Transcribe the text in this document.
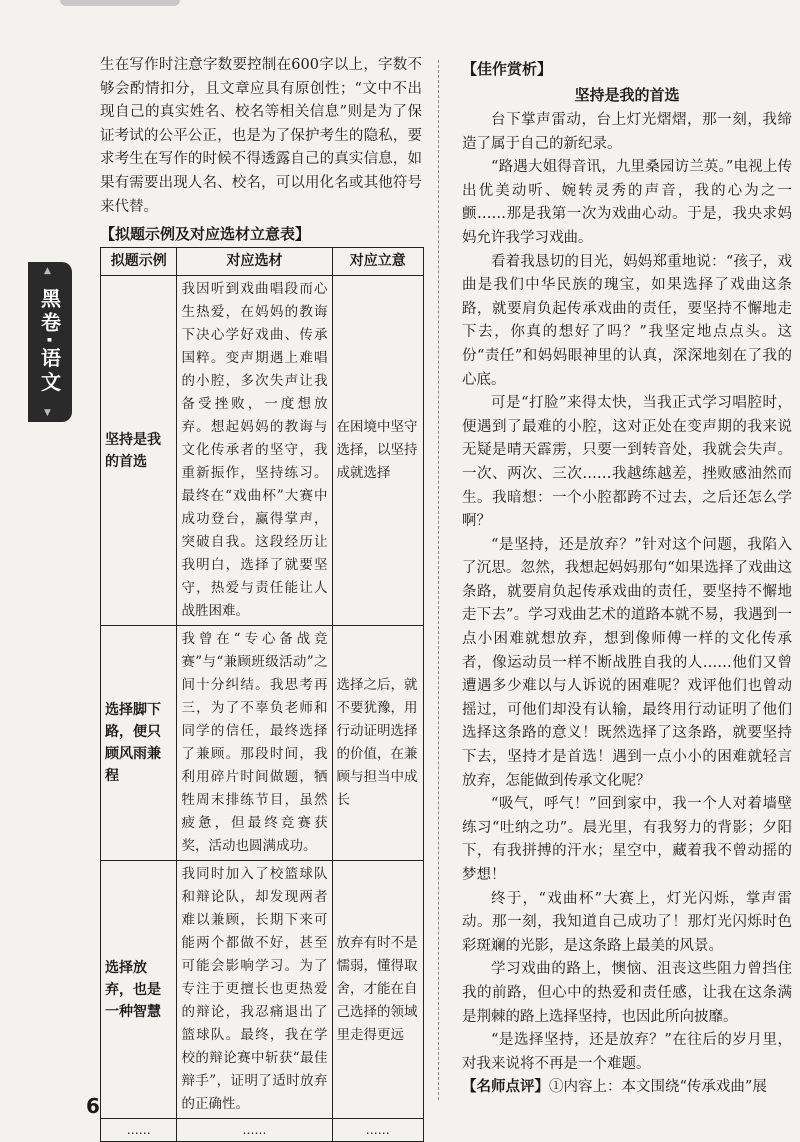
▲
黑卷·语文
▼

生在写作时注意字数要控制在600字以上，字数不够会酌情扣分，且文章应具有原创性；“文中不出现自己的真实姓名、校名等相关信息”则是为了保证考试的公平公正，也是为了保护考生的隐私，要求考生在写作的时候不得透露自己的真实信息，如果有需要出现人名、校名，可以用化名或其他符号来代替。

【拟题示例及对应选材立意表】
拟题示例	对应选材	对应立意
坚持是我的首选	我因听到戏曲唱段而心生热爱，在妈妈的教诲下决心学好戏曲、传承国粹。变声期遇上难唱的小腔，多次失声让我备受挫败，一度想放弃。想起妈妈的教诲与文化传承者的坚守，我重新振作，坚持练习。最终在“戏曲杯”大赛中成功登台，赢得掌声，突破自我。这段经历让我明白，选择了就要坚守，热爱与责任能让人战胜困难。	在困境中坚守选择，以坚持成就选择
选择脚下路，便只顾风雨兼程	我曾在“专心备战竞赛”与“兼顾班级活动”之间十分纠结。我思考再三，为了不辜负老师和同学的信任，最终选择了兼顾。那段时间，我利用碎片时间做题，牺牲周末排练节目，虽然疲惫，但最终竞赛获奖，活动也圆满成功。	选择之后，就不要犹豫，用行动证明选择的价值，在兼顾与担当中成长
选择放弃，也是一种智慧	我同时加入了校篮球队和辩论队，却发现两者难以兼顾，长期下来可能两个都做不好，甚至可能会影响学习。为了专注于更擅长也更热爱的辩论，我忍痛退出了篮球队。最终，我在学校的辩论赛中斩获“最佳辩手”，证明了适时放弃的正确性。	放弃有时不是懦弱，懂得取舍，才能在自己选择的领域里走得更远
……	……	……
【佳作赏析】
坚持是我的首选

台下掌声雷动，台上灯光熠熠，那一刻，我缔造了属于自己的新纪录。

“路遇大姐得音讯，九里桑园访兰英。”电视上传出优美动听、婉转灵秀的声音，我的心为之一颤……那是我第一次为戏曲心动。于是，我央求妈妈允许我学习戏曲。

看着我恳切的目光，妈妈郑重地说：“孩子，戏曲是我们中华民族的瑰宝，如果选择了戏曲这条路，就要肩负起传承戏曲的责任，要坚持不懈地走下去，你真的想好了吗？”我坚定地点点头。这份“责任”和妈妈眼神里的认真，深深地刻在了我的心底。

可是“打脸”来得太快，当我正式学习唱腔时，便遇到了最难的小腔，这对正处在变声期的我来说无疑是晴天霹雳，只要一到转音处，我就会失声。一次、两次、三次……我越练越差，挫败感油然而生。我暗想：一个小腔都跨不过去，之后还怎么学啊？

“是坚持，还是放弃？”针对这个问题，我陷入了沉思。忽然，我想起妈妈那句“如果选择了戏曲这条路，就要肩负起传承戏曲的责任，要坚持不懈地走下去”。学习戏曲艺术的道路本就不易，我遇到一点小困难就想放弃，想到像师傅一样的文化传承者，像运动员一样不断战胜自我的人……他们又曾遭遇多少难以与人诉说的困难呢？戏评他们也曾动摇过，可他们却没有认输，最终用行动证明了他们选择这条路的意义！既然选择了这条路，就要坚持下去，坚持才是首选！遇到一点小小的困难就轻言放弃，怎能做到传承文化呢？

“吸气，呼气！”回到家中，我一个人对着墙壁练习“吐纳之功”。晨光里，有我努力的背影；夕阳下，有我拼搏的汗水；星空中，藏着我不曾动摇的梦想！

终于，“戏曲杯”大赛上，灯光闪烁，掌声雷动。那一刻，我知道自己成功了！那灯光闪烁时色彩斑斓的光影，是这条路上最美的风景。

学习戏曲的路上，懊恼、沮丧这些阻力曾挡住我的前路，但心中的热爱和责任感，让我在这条满是荆棘的路上选择坚持，也因此所向披靡。

“是选择坚持，还是放弃？”在往后的岁月里，对我来说将不再是一个难题。

【名师点评】①内容上：本文围绕“传承戏曲”展

6
